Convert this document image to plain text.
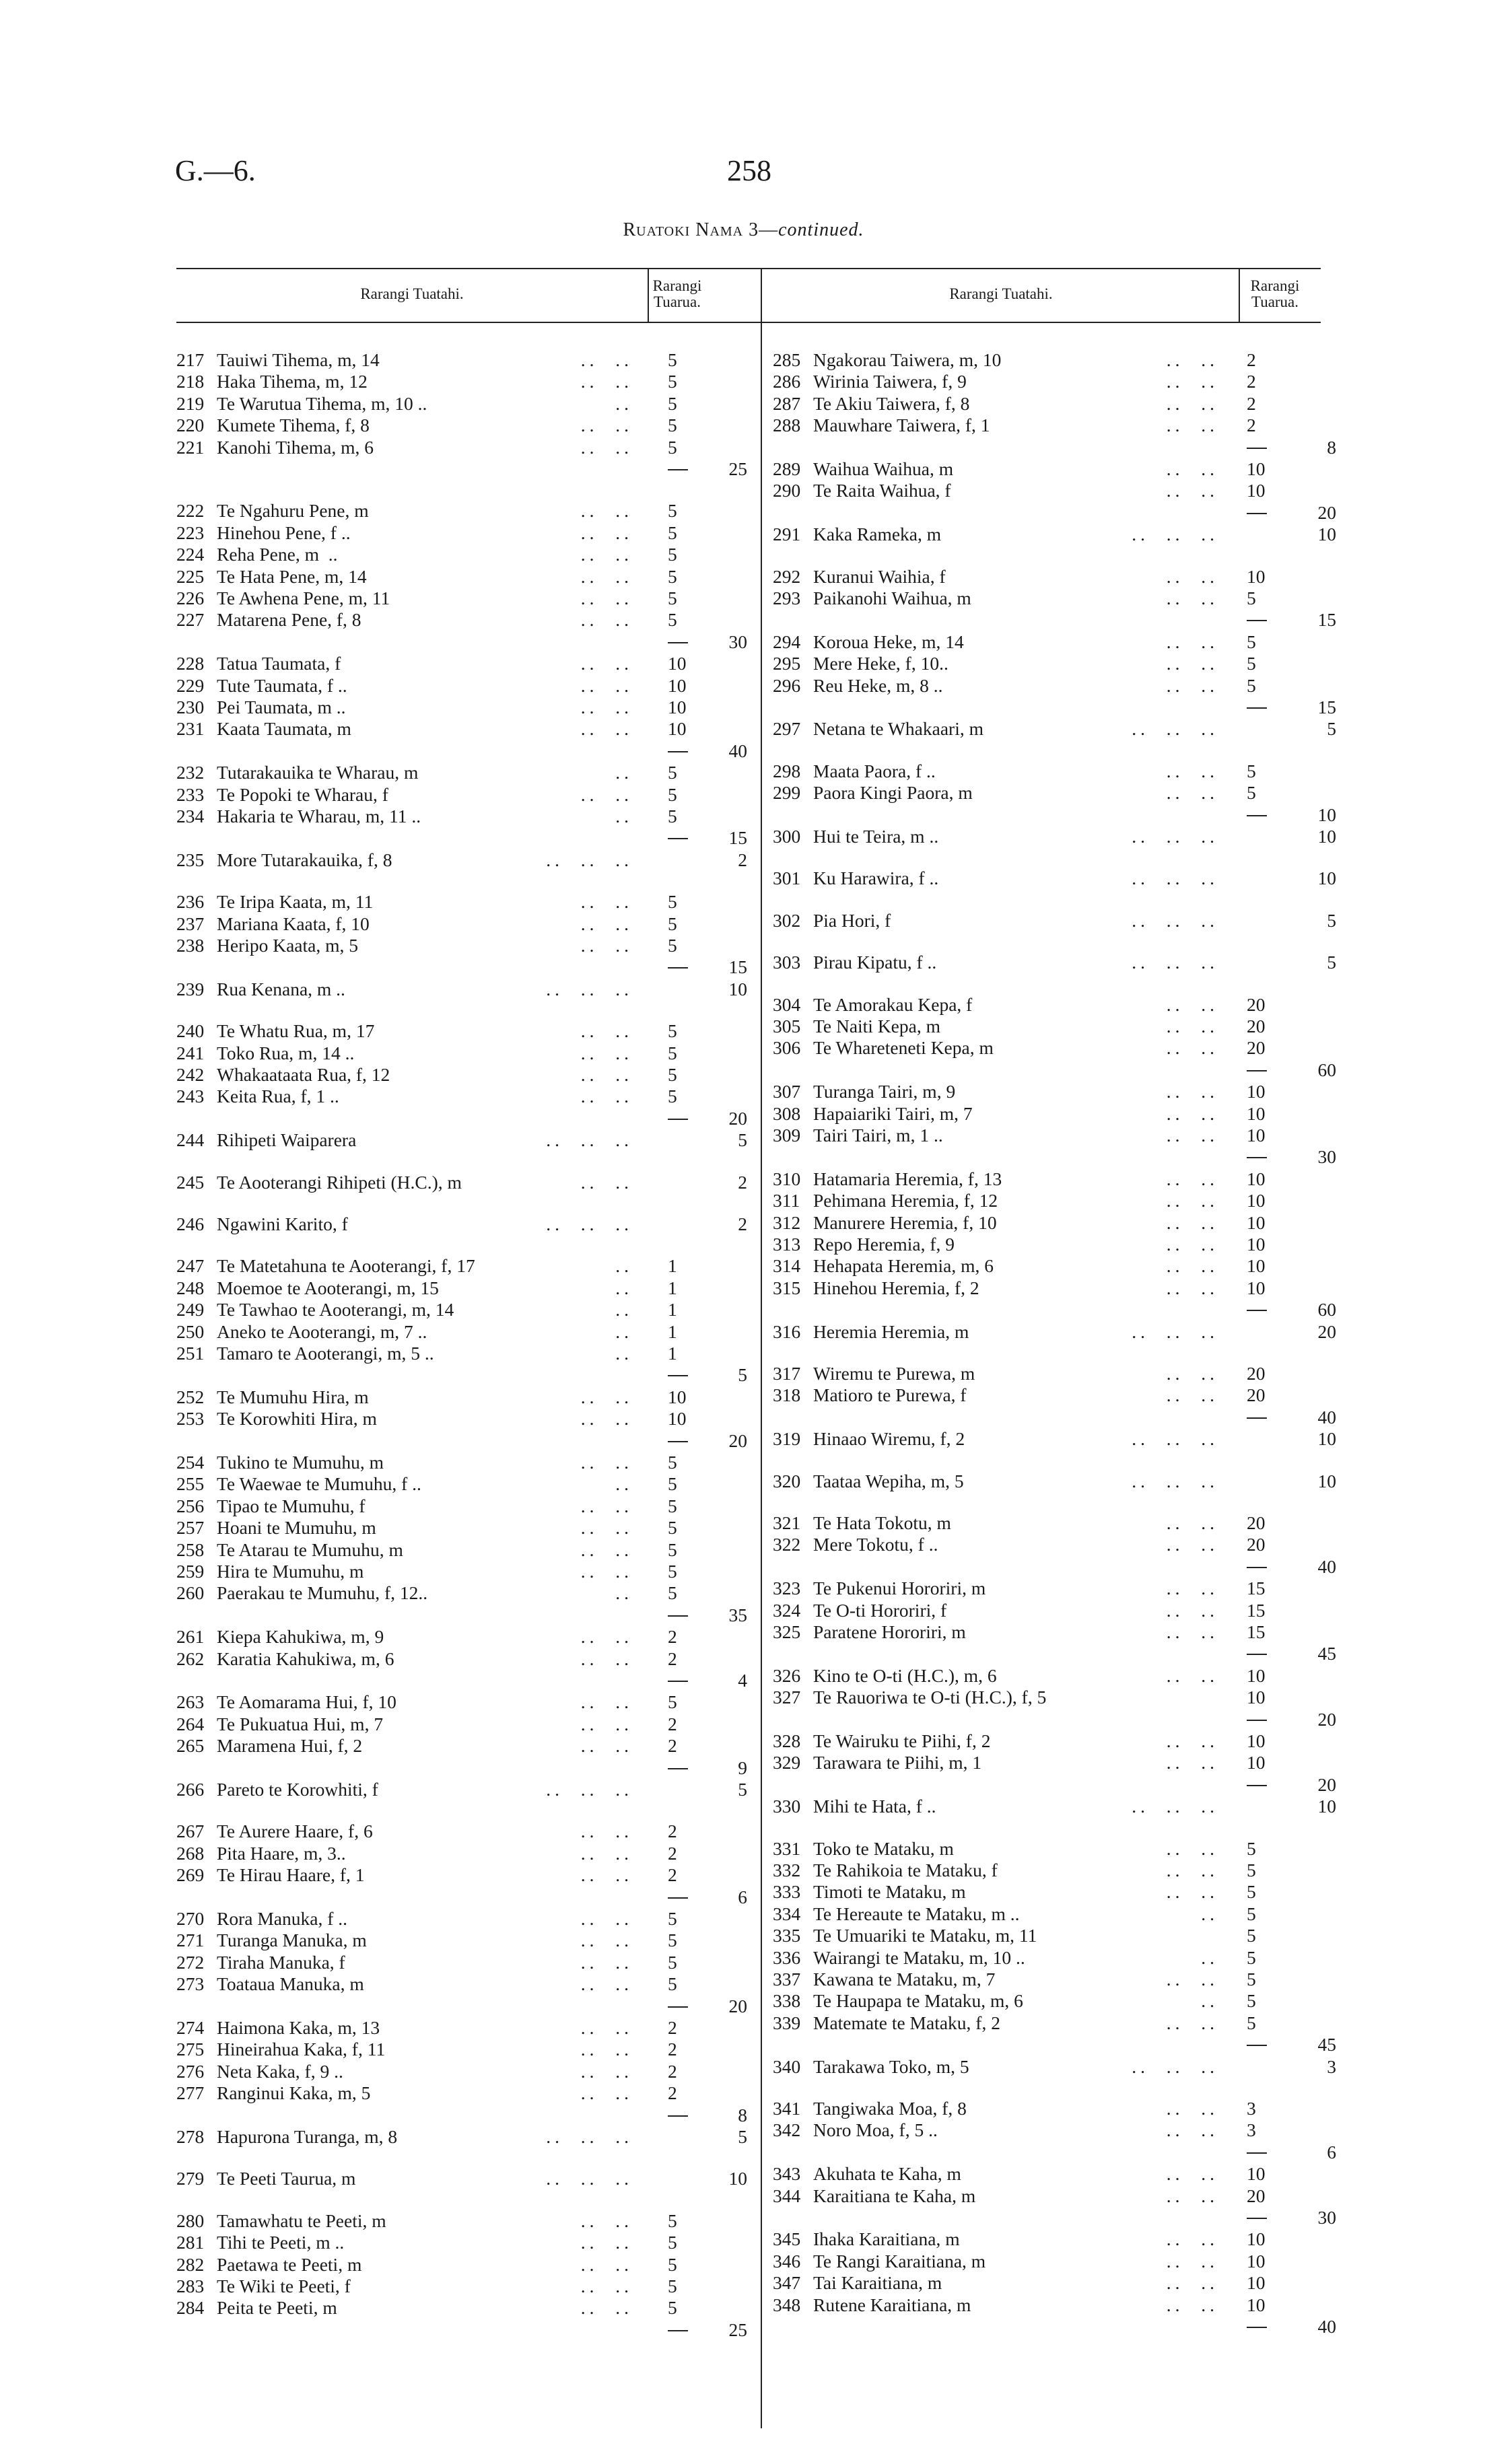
G.—6.	258
Ruatoki Nama 3—continued.
Rarangi Tuatahi.	Rarangi Tuarua.	Rarangi Tuatahi.	Rarangi Tuarua.
217 Tauiwi Tihema, m, 14	..  .. 5
218 Haka Tihema, m, 12	..  .. 5
219 Te Warutua Tihema, m, 10 ..	.. 5
220 Kumete Tihema, f, 8	..  .. 5
221 Kanohi Tihema, m, 6	..  .. 5
25
222 Te Ngahuru Pene, m	..  .. 5
223 Hinehou Pene, f ..	..  .. 5
224 Reha Pene, m  ..	..  .. 5
225 Te Hata Pene, m, 14	..  .. 5
226 Te Awhena Pene, m, 11	..  .. 5
227 Matarena Pene, f, 8	..  .. 5
30
228 Tatua Taumata, f	..  .. 10
229 Tute Taumata, f ..	..  .. 10
230 Pei Taumata, m ..	..  .. 10
231 Kaata Taumata, m	..  .. 10
40
232 Tutarakauika te Wharau, m	.. 5
233 Te Popoki te Wharau, f	..  .. 5
234 Hakaria te Wharau, m, 11 ..	.. 5
15
235 More Tutarakauika, f, 8	..  ..  ..	2
236 Te Iripa Kaata, m, 11	..  .. 5
237 Mariana Kaata, f, 10	..  .. 5
238 Heripo Kaata, m, 5	..  .. 5
15
239 Rua Kenana, m ..	..  ..  ..	10
240 Te Whatu Rua, m, 17	..  .. 5
241 Toko Rua, m, 14 ..	..  .. 5
242 Whakaataata Rua, f, 12	..  .. 5
243 Keita Rua, f, 1 ..	..  .. 5
20
244 Rihipeti Waiparera	..  ..  ..	5
245 Te Aooterangi Rihipeti (H.C.), m	..  ..	2
246 Ngawini Karito, f	..  ..  ..	2
247 Te Matetahuna te Aooterangi, f, 17	.. 1
248 Moemoe te Aooterangi, m, 15	.. 1
249 Te Tawhao te Aooterangi, m, 14	.. 1
250 Aneko te Aooterangi, m, 7 ..	.. 1
251 Tamaro te Aooterangi, m, 5 ..	.. 1
5
252 Te Mumuhu Hira, m	..  .. 10
253 Te Korowhiti Hira, m	..  .. 10
20
254 Tukino te Mumuhu, m	..  .. 5
255 Te Waewae te Mumuhu, f ..	.. 5
256 Tipao te Mumuhu, f	..  .. 5
257 Hoani te Mumuhu, m	..  .. 5
258 Te Atarau te Mumuhu, m	..  .. 5
259 Hira te Mumuhu, m	..  .. 5
260 Paerakau te Mumuhu, f, 12..	.. 5
35
261 Kiepa Kahukiwa, m, 9	..  .. 2
262 Karatia Kahukiwa, m, 6	..  .. 2
4
263 Te Aomarama Hui, f, 10	..  .. 5
264 Te Pukuatua Hui, m, 7	..  .. 2
265 Maramena Hui, f, 2	..  .. 2
9
266 Pareto te Korowhiti, f	..  ..  ..	5
267 Te Aurere Haare, f, 6	..  .. 2
268 Pita Haare, m, 3..	..  .. 2
269 Te Hirau Haare, f, 1	..  .. 2
6
270 Rora Manuka, f ..	..  .. 5
271 Turanga Manuka, m	..  .. 5
272 Tiraha Manuka, f	..  .. 5
273 Toataua Manuka, m	..  .. 5
20
274 Haimona Kaka, m, 13	..  .. 2
275 Hineirahua Kaka, f, 11	..  .. 2
276 Neta Kaka, f, 9 ..	..  .. 2
277 Ranginui Kaka, m, 5	..  .. 2
8
278 Hapurona Turanga, m, 8	..  ..  ..	5
279 Te Peeti Taurua, m	..  ..  ..	10
280 Tamawhatu te Peeti, m	..  .. 5
281 Tihi te Peeti, m ..	..  .. 5
282 Paetawa te Peeti, m	..  .. 5
283 Te Wiki te Peeti, f	..  .. 5
284 Peita te Peeti, m	..  .. 5
25
285 Ngakorau Taiwera, m, 10	..  .. 2
286 Wirinia Taiwera, f, 9	..  .. 2
287 Te Akiu Taiwera, f, 8	..  .. 2
288 Mauwhare Taiwera, f, 1	..  .. 2
8
289 Waihua Waihua, m	..  .. 10
290 Te Raita Waihua, f	..  .. 10
20
291 Kaka Rameka, m	..  ..  ..	10
292 Kuranui Waihia, f	..  .. 10
293 Paikanohi Waihua, m	..  .. 5
15
294 Koroua Heke, m, 14	..  .. 5
295 Mere Heke, f, 10..	..  .. 5
296 Reu Heke, m, 8 ..	..  .. 5
15
297 Netana te Whakaari, m	..  ..  ..	5
298 Maata Paora, f ..	..  .. 5
299 Paora Kingi Paora, m	..  .. 5
10
300 Hui te Teira, m ..	..  ..  ..	10
301 Ku Harawira, f ..	..  ..  ..	10
302 Pia Hori, f	..  ..  ..	5
303 Pirau Kipatu, f ..	..  ..  ..	5
304 Te Amorakau Kepa, f	..  .. 20
305 Te Naiti Kepa, m	..  .. 20
306 Te Whareteneti Kepa, m	..  .. 20
60
307 Turanga Tairi, m, 9	..  .. 10
308 Hapaiariki Tairi, m, 7	..  .. 10
309 Tairi Tairi, m, 1 ..	..  .. 10
30
310 Hatamaria Heremia, f, 13	..  .. 10
311 Pehimana Heremia, f, 12	..  .. 10
312 Manurere Heremia, f, 10	..  .. 10
313 Repo Heremia, f, 9	..  .. 10
314 Hehapata Heremia, m, 6	..  .. 10
315 Hinehou Heremia, f, 2	..  .. 10
60
316 Heremia Heremia, m	..  ..  ..	20
317 Wiremu te Purewa, m	..  .. 20
318 Matioro te Purewa, f	..  .. 20
40
319 Hinaao Wiremu, f, 2	..  ..  ..	10
320 Taataa Wepiha, m, 5	..  ..  ..	10
321 Te Hata Tokotu, m	..  .. 20
322 Mere Tokotu, f ..	..  .. 20
40
323 Te Pukenui Hororiri, m	..  .. 15
324 Te O-ti Hororiri, f	..  .. 15
325 Paratene Hororiri, m	..  .. 15
45
326 Kino te O-ti (H.C.), m, 6	..  .. 10
327 Te Rauoriwa te O-ti (H.C.), f, 5	10
20
328 Te Wairuku te Piihi, f, 2	..  .. 10
329 Tarawara te Piihi, m, 1	..  .. 10
20
330 Mihi te Hata, f ..	..  ..  ..	10
331 Toko te Mataku, m	..  .. 5
332 Te Rahikoia te Mataku, f	..  .. 5
333 Timoti te Mataku, m	..  .. 5
334 Te Hereaute te Mataku, m ..	.. 5
335 Te Umuariki te Mataku, m, 11	5
336 Wairangi te Mataku, m, 10 ..	.. 5
337 Kawana te Mataku, m, 7	..  .. 5
338 Te Haupapa te Mataku, m, 6	.. 5
339 Matemate te Mataku, f, 2	..  .. 5
45
340 Tarakawa Toko, m, 5	..  ..  ..	3
341 Tangiwaka Moa, f, 8	..  .. 3
342 Noro Moa, f, 5 ..	..  .. 3
6
343 Akuhata te Kaha, m	..  .. 10
344 Karaitiana te Kaha, m	..  .. 20
30
345 Ihaka Karaitiana, m	..  .. 10
346 Te Rangi Karaitiana, m	..  .. 10
347 Tai Karaitiana, m	..  .. 10
348 Rutene Karaitiana, m	..  .. 10
40
